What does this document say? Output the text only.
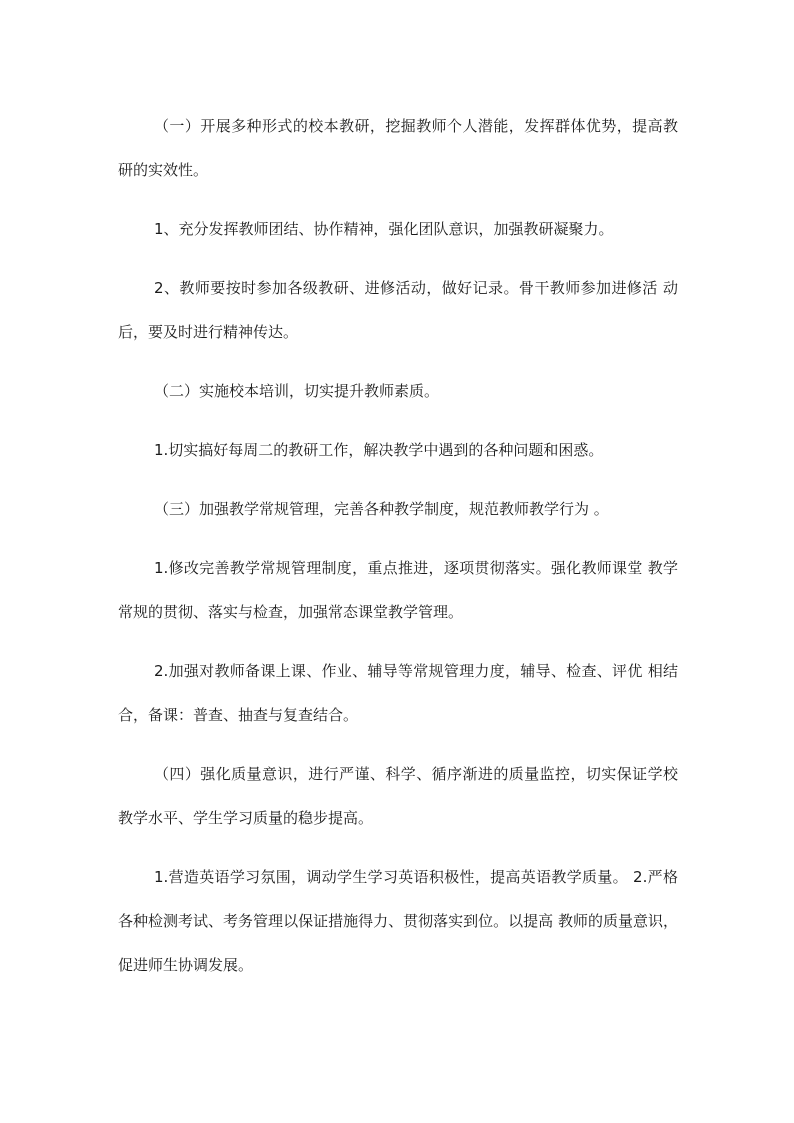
（一）开展多种形式的校本教研，挖掘教师个人潜能，发挥群体优势，提高教研的实效性。

1、充分发挥教师团结、协作精神，强化团队意识，加强教研凝聚力。

2、教师要按时参加各级教研、进修活动，做好记录。骨干教师参加进修活 动后，要及时进行精神传达。

（二）实施校本培训，切实提升教师素质。

1.切实搞好每周二的教研工作，解决教学中遇到的各种问题和困惑。

（三）加强教学常规管理，完善各种教学制度，规范教师教学行为 。

1.修改完善教学常规管理制度，重点推进，逐项贯彻落实。强化教师课堂 教学常规的贯彻、落实与检查，加强常态课堂教学管理。

2.加强对教师备课上课、作业、辅导等常规管理力度，辅导、检查、评优 相结合，备课：普查、抽查与复查结合。

（四）强化质量意识，进行严谨、科学、循序渐进的质量监控，切实保证学校教学水平、学生学习质量的稳步提高。

1.营造英语学习氛围，调动学生学习英语积极性，提高英语教学质量。 2.严格各种检测考试、考务管理以保证措施得力、贯彻落实到位。以提高 教师的质量意识，促进师生协调发展。
